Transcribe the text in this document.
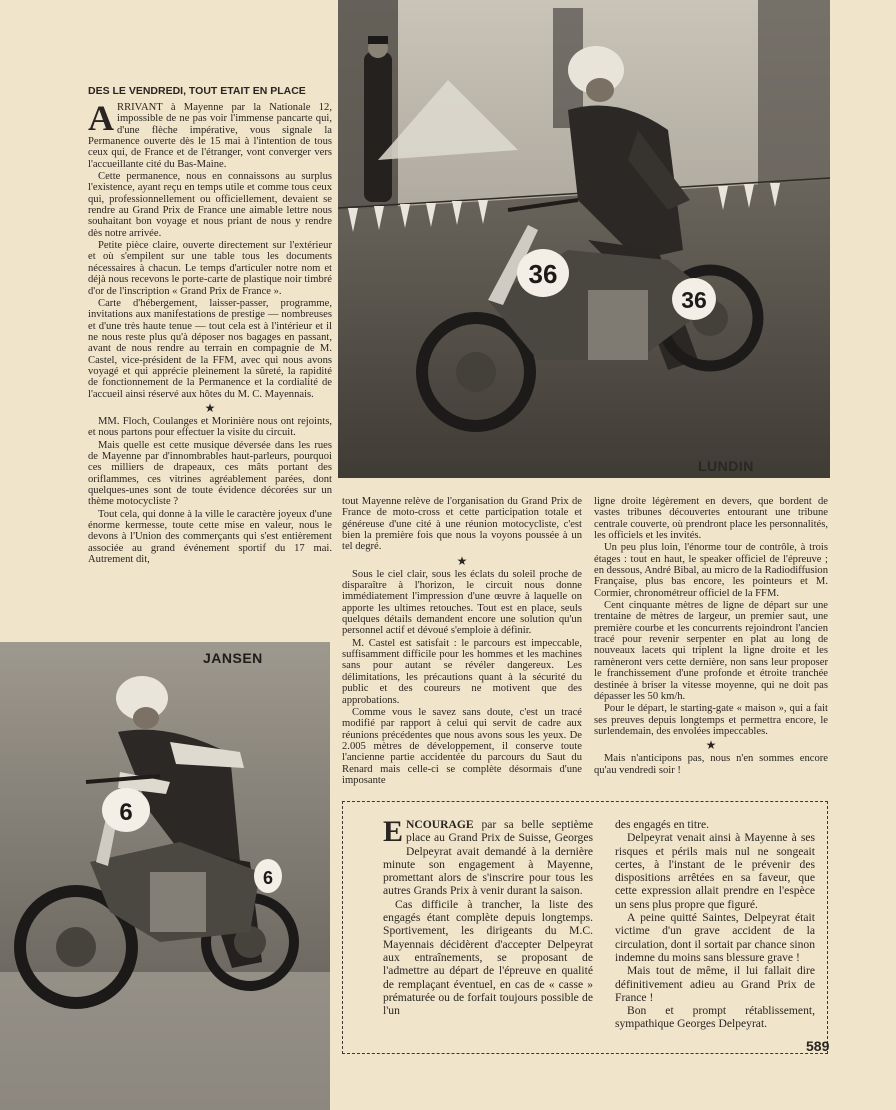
DES LE VENDREDI, TOUT ETAIT EN PLACE

ARRIVANT à Mayenne par la Nationale 12, impossible de ne pas voir l'immense pancarte qui, d'une flèche impérative, vous signale la Permanence ouverte dès le 15 mai à l'intention de tous ceux qui, de France et de l'étranger, vont converger vers l'accueillante cité du Bas-Maine.

Cette permanence, nous en connaissons au surplus l'existence, ayant reçu en temps utile et comme tous ceux qui, professionnellement ou officiellement, devaient se rendre au Grand Prix de France une aimable lettre nous souhaitant bon voyage et nous priant de nous y rendre dès notre arrivée.

Petite pièce claire, ouverte directement sur l'extérieur et où s'empilent sur une table tous les documents nécessaires à chacun. Le temps d'articuler notre nom et déjà nous recevons le porte-carte de plastique noir timbré d'or de l'inscription « Grand Prix de France ».

Carte d'hébergement, laisser-passer, programme, invitations aux manifestations de prestige — nombreuses et d'une très haute tenue — tout cela est à l'intérieur et il ne nous reste plus qu'à déposer nos bagages en passant, avant de nous rendre au terrain en compagnie de M. Castel, vice-président de la FFM, avec qui nous avons voyagé et qui apprécie pleinement la sûreté, la rapidité de fonctionnement de la Permanence et la cordialité de l'accueil ainsi réservé aux hôtes du M. C. Mayennais.

★

MM. Floch, Coulanges et Morinière nous ont rejoints, et nous partons pour effectuer la visite du circuit.

Mais quelle est cette musique déversée dans les rues de Mayenne par d'innombrables haut-parleurs, pourquoi ces milliers de drapeaux, ces mâts portant des oriflammes, ces vitrines agréablement parées, dont quelques-unes sont de toute évidence décorées sur un thème motocycliste ?

Tout cela, qui donne à la ville le caractère joyeux d'une énorme kermesse, toute cette mise en valeur, nous le devons à l'Union des commerçants qui s'est entièrement associée au grand événement sportif du 17 mai. Autrement dit,

36
36
LUNDIN

tout Mayenne relève de l'organisation du Grand Prix de France de moto-cross et cette participation totale et généreuse d'une cité à une réunion motocycliste, c'est bien la première fois que nous la voyons poussée à un tel degré.

★

Sous le ciel clair, sous les éclats du soleil proche de disparaître à l'horizon, le circuit nous donne immédiatement l'impression d'une œuvre à laquelle on apporte les ultimes retouches. Tout est en place, seuls quelques détails demandent encore une solution qu'un personnel actif et dévoué s'emploie à définir.

M. Castel est satisfait : le parcours est impeccable, suffisamment difficile pour les hommes et les machines sans pour autant se révéler dangereux. Les délimitations, les précautions quant à la sécurité du public et des coureurs ne motivent que des approbations.

Comme vous le savez sans doute, c'est un tracé modifié par rapport à celui qui servit de cadre aux réunions précédentes que nous avons sous les yeux. De 2.005 mètres de développement, il conserve toute l'ancienne partie accidentée du parcours du Saut du Renard mais celle-ci se complète désormais d'une imposante

ligne droite légèrement en devers, que bordent de vastes tribunes découvertes entourant une tribune centrale couverte, où prendront place les personnalités, les officiels et les invités.

Un peu plus loin, l'énorme tour de contrôle, à trois étages : tout en haut, le speaker officiel de l'épreuve ; en dessous, André Bibal, au micro de la Radiodiffusion Française, plus bas encore, les pointeurs et M. Cormier, chronométreur officiel de la FFM.

Cent cinquante mètres de ligne de départ sur une trentaine de mètres de largeur, un premier saut, une première courbe et les concurrents rejoindront l'ancien tracé pour revenir serpenter en plat au long de nouveaux lacets qui triplent la ligne droite et les ramèneront vers cette dernière, non sans leur proposer le franchissement d'une profonde et étroite tranchée destinée à briser la vitesse moyenne, qui ne doit pas dépasser les 50 km/h.

Pour le départ, le starting-gate « maison », qui a fait ses preuves depuis longtemps et permettra encore, le surlendemain, des envolées impeccables.

★

Mais n'anticipons pas, nous n'en sommes encore qu'au vendredi soir !

6
6
JANSEN

ENCOURAGE par sa belle septième place au Grand Prix de Suisse, Georges Delpeyrat avait demandé à la dernière minute son engagement à Mayenne, promettant alors de s'inscrire pour tous les autres Grands Prix à venir durant la saison.

Cas difficile à trancher, la liste des engagés étant complète depuis longtemps. Sportivement, les dirigeants du M.C. Mayennais décidèrent d'accepter Delpeyrat aux entraînements, se proposant de l'admettre au départ de l'épreuve en qualité de remplaçant éventuel, en cas de « casse » prématurée ou de forfait toujours possible de l'un

des engagés en titre.

Delpeyrat venait ainsi à Mayenne à ses risques et périls mais nul ne songeait certes, à l'instant de le prévenir des dispositions arrêtées en sa faveur, que cette expression allait prendre en l'espèce un sens plus propre que figuré.

A peine quitté Saintes, Delpeyrat était victime d'un grave accident de la circulation, dont il sortait par chance sinon indemne du moins sans blessure grave !

Mais tout de même, il lui fallait dire définitivement adieu au Grand Prix de France !

Bon et prompt rétablissement, sympathique Georges Delpeyrat.

589
